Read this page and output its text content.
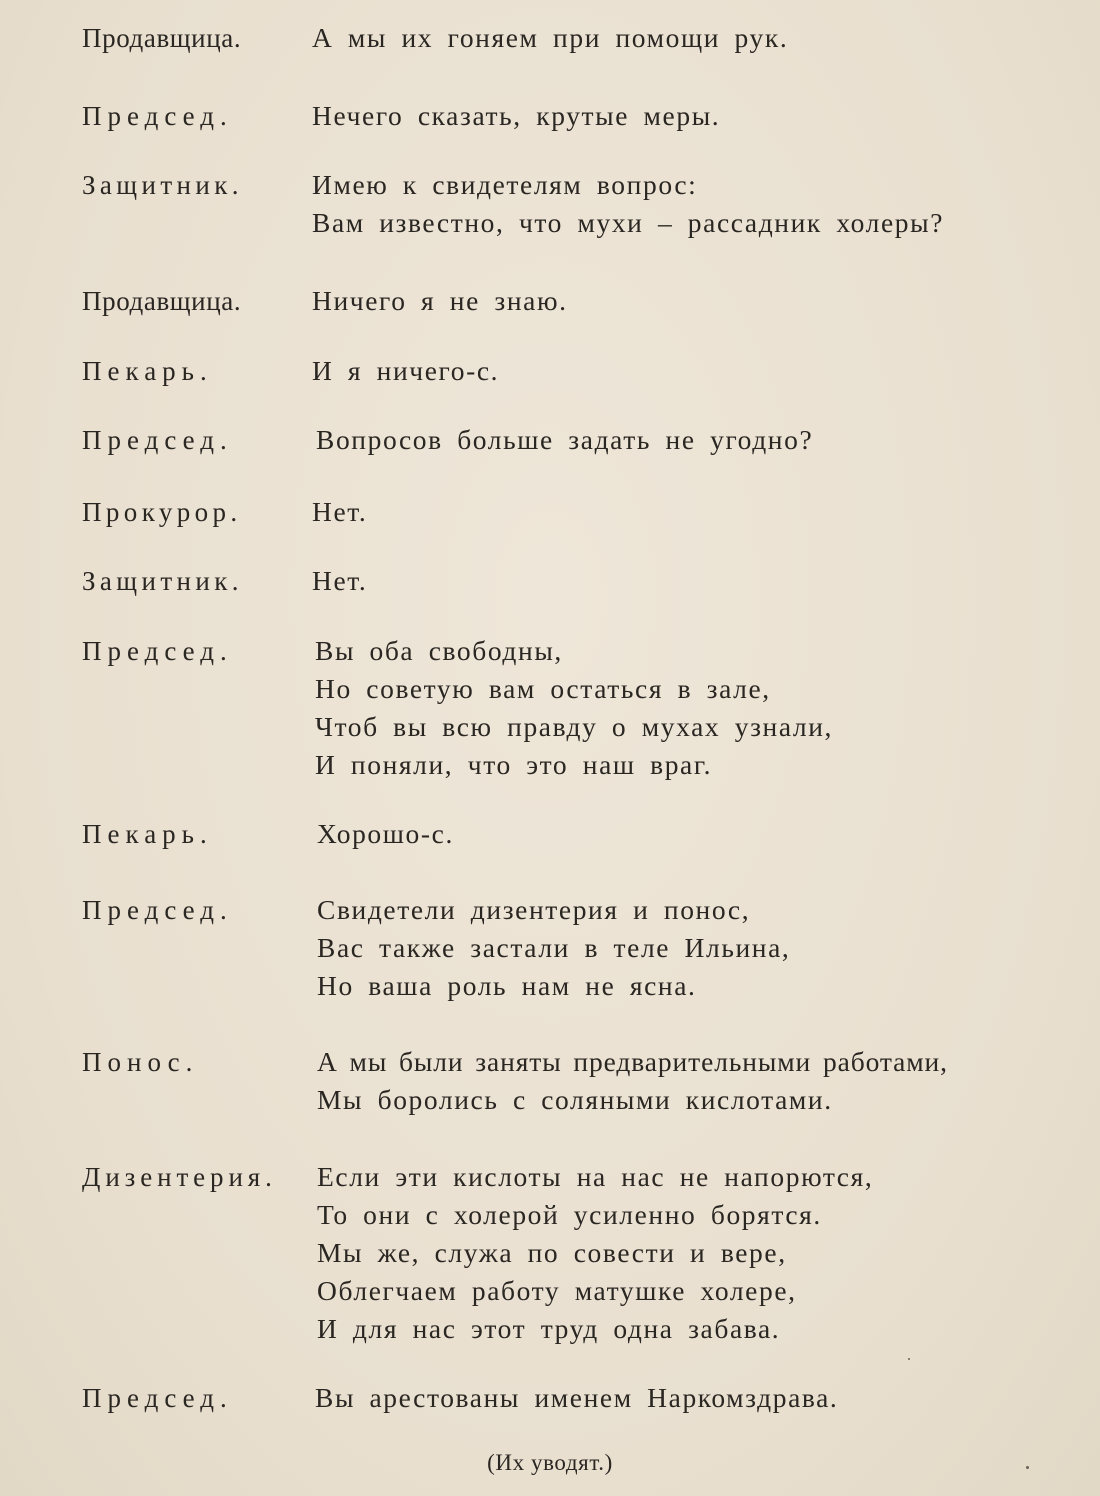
Продавщица.	А мы их гоняем при помощи рук.
Председ.	Нечего сказать, крутые меры.
Защитник.	Имею к свидетелям вопрос:
Вам известно, что мухи – рассадник холеры?
Продавщица.	Ничего я не знаю.
Пекарь.	И я ничего-с.
Председ.	Вопросов больше задать не угодно?
Прокурор.	Нет.
Защитник.	Нет.
Председ.	Вы оба свободны,
Но советую вам остаться в зале,
Чтоб вы всю правду о мухах узнали,
И поняли, что это наш враг.
Пекарь.	Хорошо-с.
Председ.	Свидетели дизентерия и понос,
Вас также застали в теле Ильина,
Но ваша роль нам не ясна.
Понос.	А мы были заняты предварительными работами,
Мы боролись с соляными кислотами.
Дизентерия. Если эти кислоты на нас не напорются,
То они с холерой усиленно борятся.
Мы же, служа по совести и вере,
Облегчаем работу матушке холере,
И для нас этот труд одна забава.
Председ.	Вы арестованы именем Наркомздрава.
(Их уводят.)
